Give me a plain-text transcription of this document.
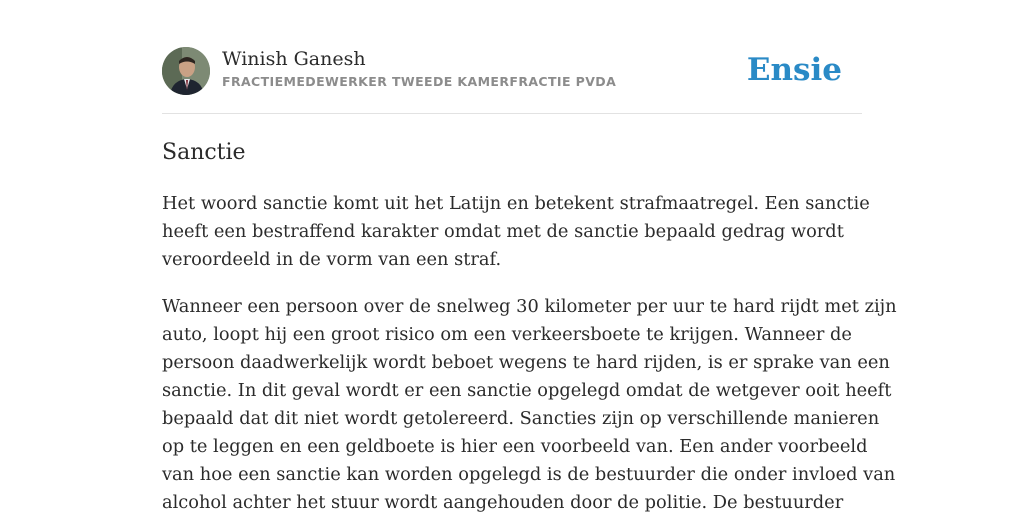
Winish Ganesh
FRACTIEMEDEWERKER TWEEDE KAMERFRACTIE PVDA	Ensie
Sanctie

Het woord sanctie komt uit het Latijn en betekent strafmaatregel. Een sanctie
heeft een bestraffend karakter omdat met de sanctie bepaald gedrag wordt
veroordeeld in de vorm van een straf.

Wanneer een persoon over de snelweg 30 kilometer per uur te hard rijdt met zijn
auto, loopt hij een groot risico om een verkeersboete te krijgen. Wanneer de
persoon daadwerkelijk wordt beboet wegens te hard rijden, is er sprake van een
sanctie. In dit geval wordt er een sanctie opgelegd omdat de wetgever ooit heeft
bepaald dat dit niet wordt getolereerd. Sancties zijn op verschillende manieren
op te leggen en een geldboete is hier een voorbeeld van. Een ander voorbeeld
van hoe een sanctie kan worden opgelegd is de bestuurder die onder invloed van
alcohol achter het stuur wordt aangehouden door de politie. De bestuurder
